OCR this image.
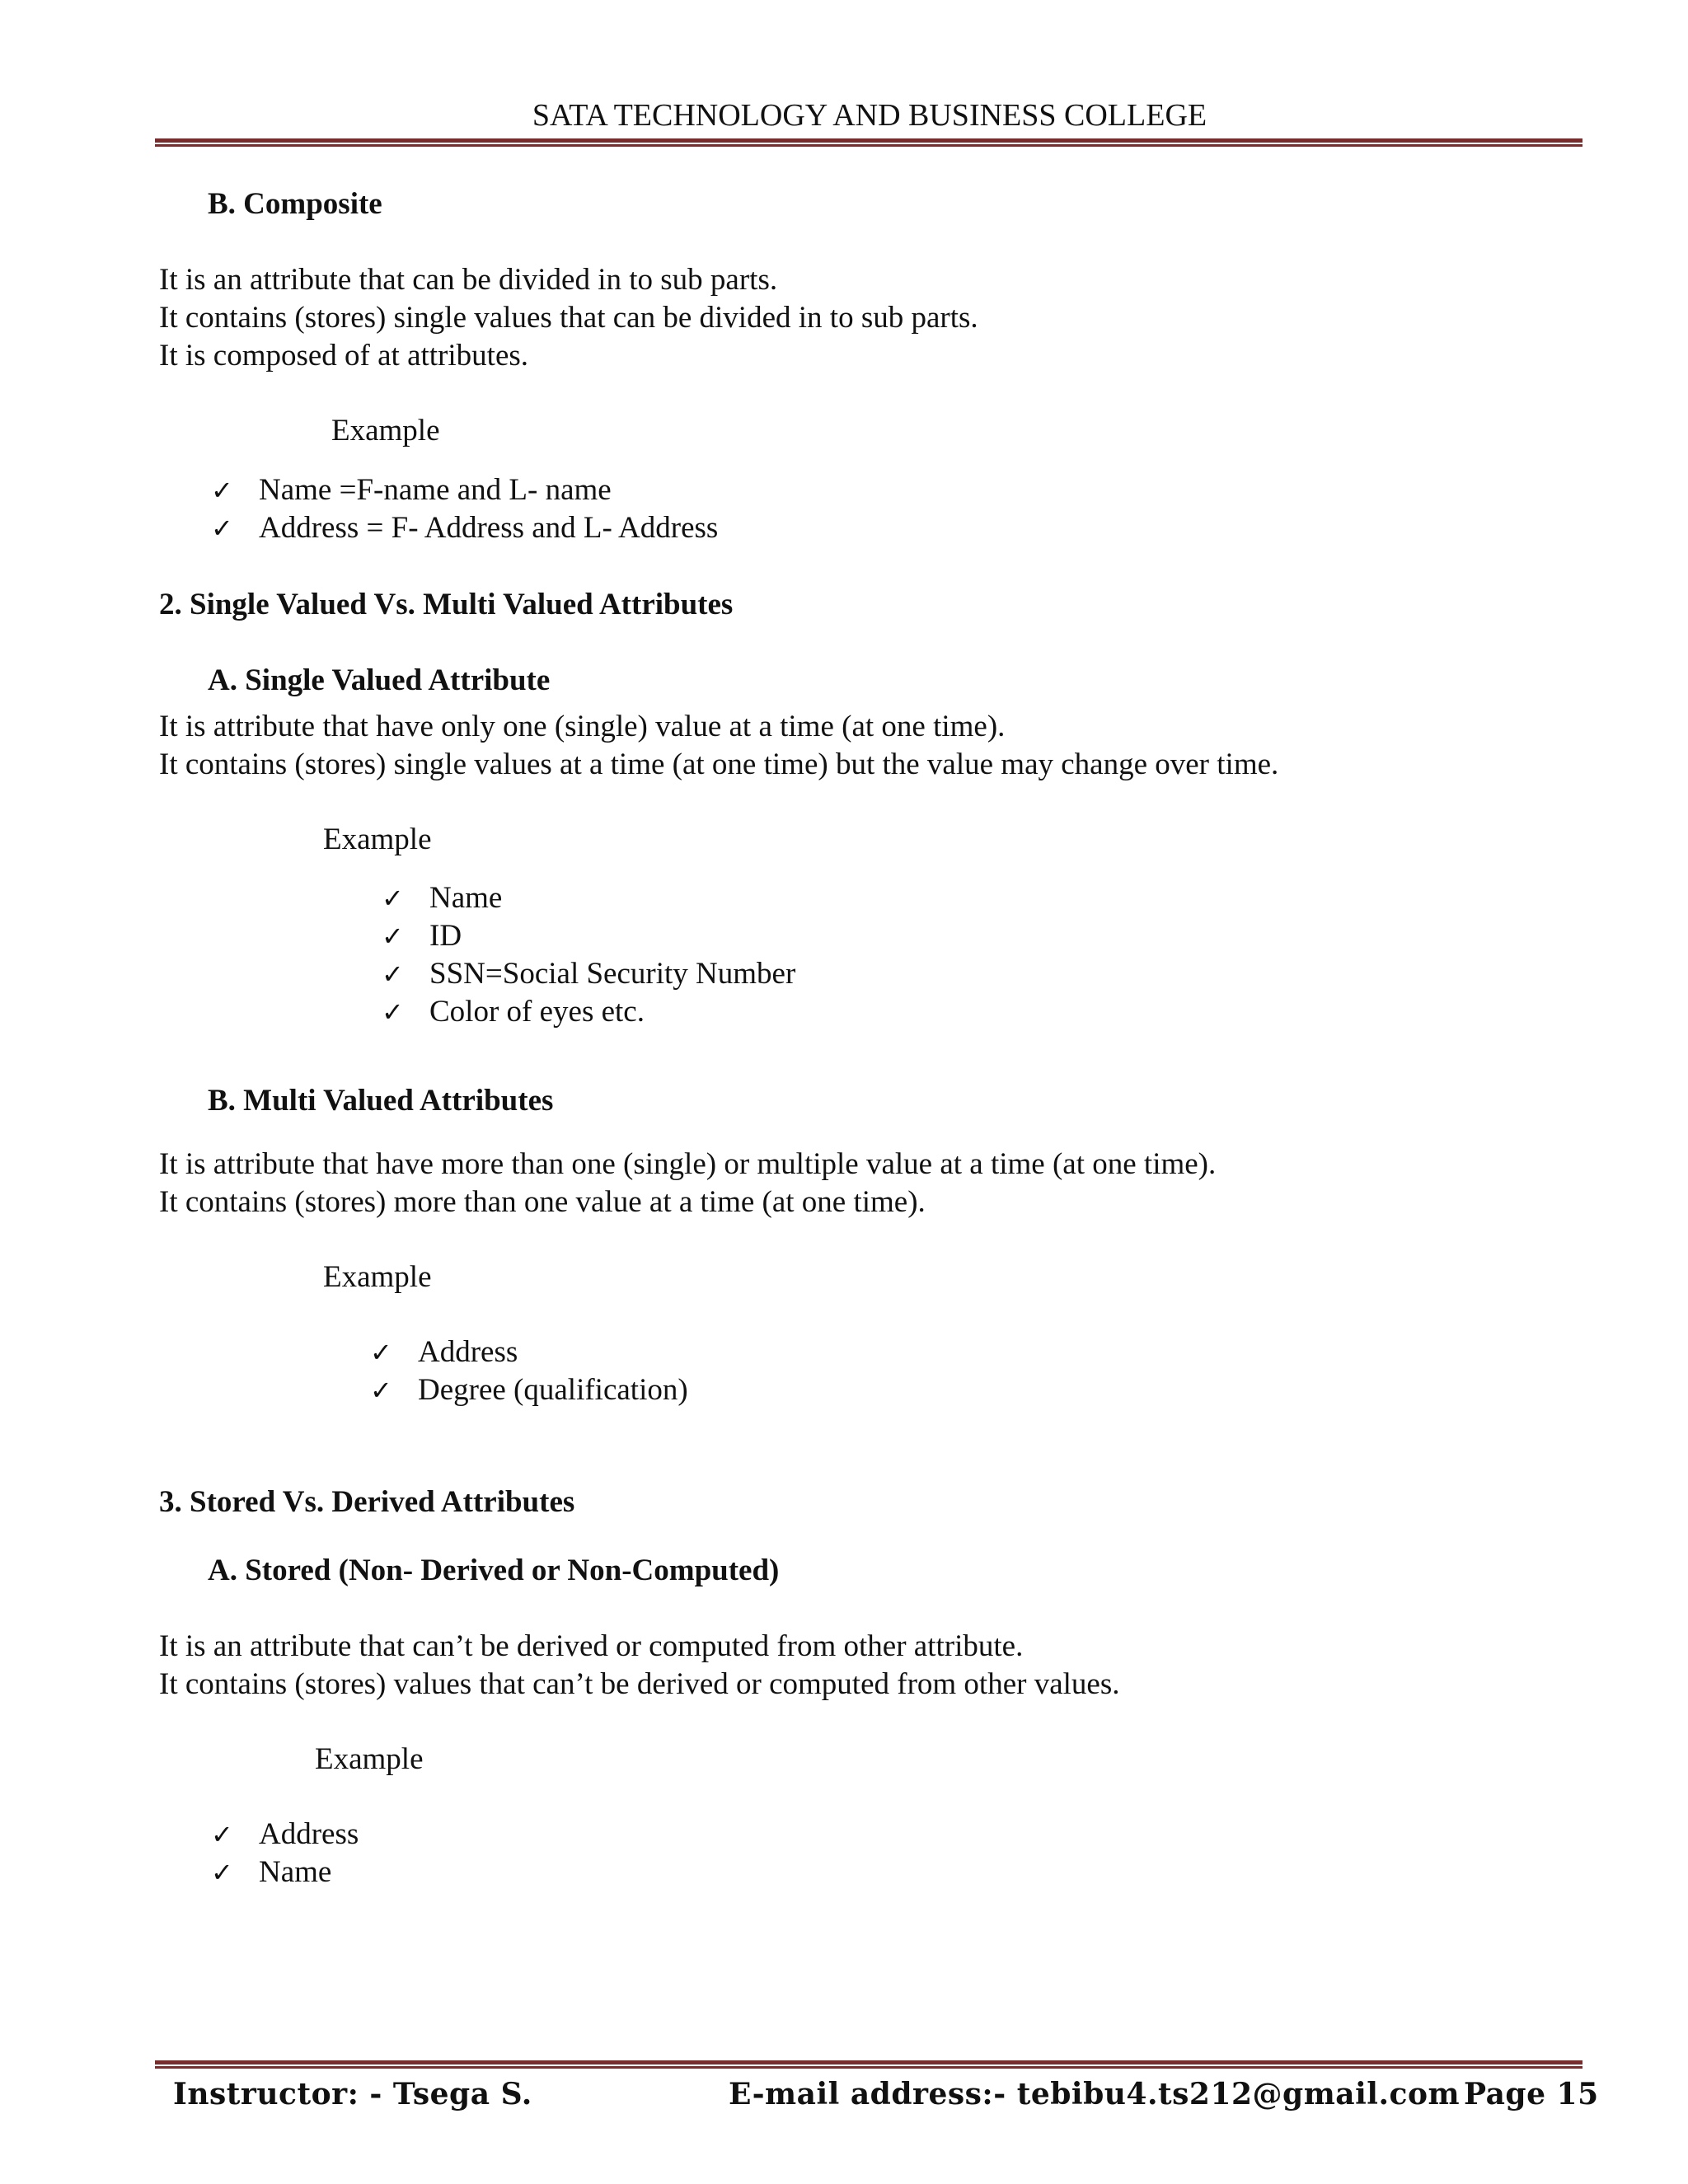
SATA TECHNOLOGY AND BUSINESS COLLEGE
B. Composite
It is an attribute that can be divided in to sub parts.
It contains (stores) single values that can be divided in to sub parts.
It is composed of at attributes.
Example
✓ Name =F-name and L- name
✓ Address = F- Address and L- Address
2. Single Valued Vs. Multi Valued Attributes
A. Single Valued Attribute
It is attribute that have only one (single) value at a time (at one time).
It contains (stores) single values at a time (at one time) but the value may change over time.
Example
✓ Name
✓ ID
✓ SSN=Social Security Number
✓ Color of eyes etc.
B. Multi Valued Attributes
It is attribute that have more than one (single) or multiple value at a time (at one time).
It contains (stores) more than one value at a time (at one time).
Example
✓ Address
✓ Degree (qualification)
3. Stored Vs. Derived Attributes
A. Stored (Non- Derived or Non-Computed)
It is an attribute that can’t be derived or computed from other attribute.
It contains (stores) values that can’t be derived or computed from other values.
Example
✓ Address
✓ Name
Instructor: - Tsega S.	E-mail address:- tebibu4.ts212@gmail.com Page 15
